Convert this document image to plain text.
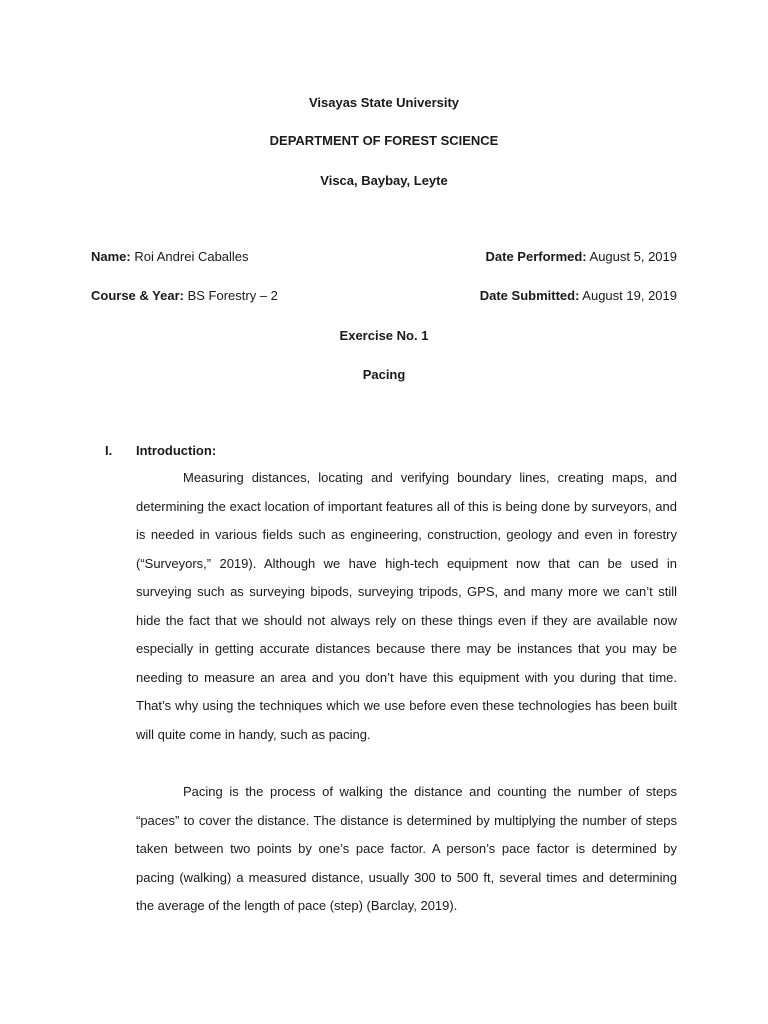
Visayas State University
DEPARTMENT OF FOREST SCIENCE
Visca, Baybay, Leyte
Name: Roi Andrei Caballes	Date Performed: August 5, 2019
Course & Year: BS Forestry – 2	Date Submitted: August 19, 2019
Exercise No. 1
Pacing
I. Introduction:

Measuring distances, locating and verifying boundary lines, creating maps, and determining the exact location of important features all of this is being done by surveyors, and is needed in various fields such as engineering, construction, geology and even in forestry (“Surveyors,” 2019). Although we have high-tech equipment now that can be used in surveying such as surveying bipods, surveying tripods, GPS, and many more we can’t still hide the fact that we should not always rely on these things even if they are available now especially in getting accurate distances because there may be instances that you may be needing to measure an area and you don’t have this equipment with you during that time. That’s why using the techniques which we use before even these technologies has been built will quite come in handy, such as pacing.

Pacing is the process of walking the distance and counting the number of steps “paces” to cover the distance. The distance is determined by multiplying the number of steps taken between two points by one’s pace factor. A person’s pace factor is determined by pacing (walking) a measured distance, usually 300 to 500 ft, several times and determining the average of the length of pace (step) (Barclay, 2019).
